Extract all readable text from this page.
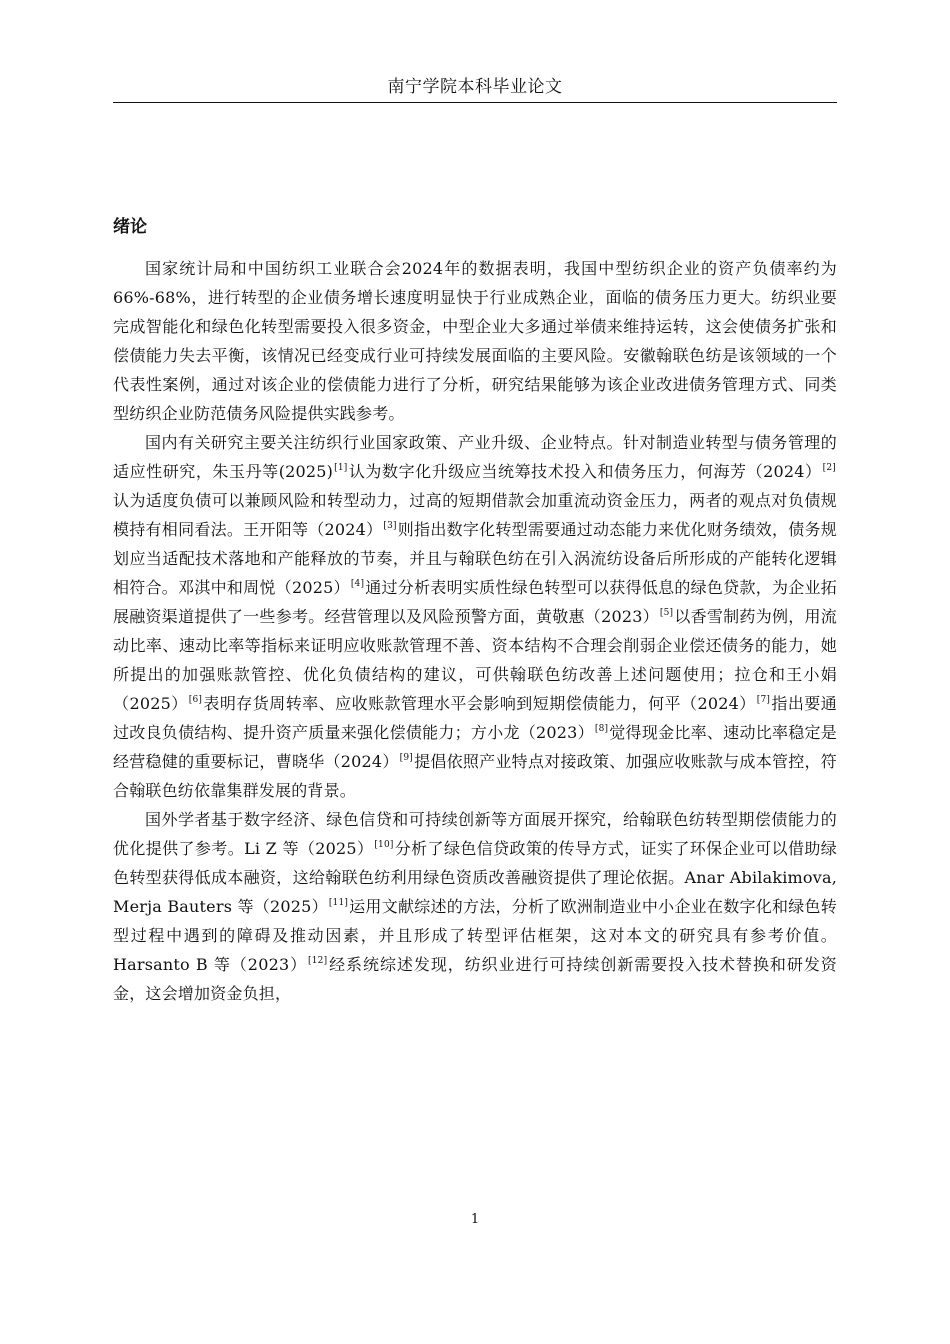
南宁学院本科毕业论文
绪论

国家统计局和中国纺织工业联合会2024年的数据表明，我国中型纺织企业的资产负债率约为66%-68%，进行转型的企业债务增长速度明显快于行业成熟企业，面临的债务压力更大。纺织业要完成智能化和绿色化转型需要投入很多资金，中型企业大多通过举债来维持运转，这会使债务扩张和偿债能力失去平衡，该情况已经变成行业可持续发展面临的主要风险。安徽翰联色纺是该领域的一个代表性案例，通过对该企业的偿债能力进行了分析，研究结果能够为该企业改进债务管理方式、同类型纺织企业防范债务风险提供实践参考。

国内有关研究主要关注纺织行业国家政策、产业升级、企业特点。针对制造业转型与债务管理的适应性研究，朱玉丹等(2025)[1]认为数字化升级应当统筹技术投入和债务压力，何海芳（2024）[2]认为适度负债可以兼顾风险和转型动力，过高的短期借款会加重流动资金压力，两者的观点对负债规模持有相同看法。王开阳等（2024）[3]则指出数字化转型需要通过动态能力来优化财务绩效，债务规划应当适配技术落地和产能释放的节奏，并且与翰联色纺在引入涡流纺设备后所形成的产能转化逻辑相符合。邓淇中和周悦（2025）[4]通过分析表明实质性绿色转型可以获得低息的绿色贷款，为企业拓展融资渠道提供了一些参考。经营管理以及风险预警方面，黄敬惠（2023）[5]以香雪制药为例，用流动比率、速动比率等指标来证明应收账款管理不善、资本结构不合理会削弱企业偿还债务的能力，她所提出的加强账款管控、优化负债结构的建议，可供翰联色纺改善上述问题使用；拉仓和王小娟（2025）[6]表明存货周转率、应收账款管理水平会影响到短期偿债能力，何平（2024）[7]指出要通过改良负债结构、提升资产质量来强化偿债能力；方小龙（2023）[8]觉得现金比率、速动比率稳定是经营稳健的重要标记，曹晓华（2024）[9]提倡依照产业特点对接政策、加强应收账款与成本管控，符合翰联色纺依靠集群发展的背景。

国外学者基于数字经济、绿色信贷和可持续创新等方面展开探究，给翰联色纺转型期偿债能力的优化提供了参考。Li Z 等（2025）[10]分析了绿色信贷政策的传导方式，证实了环保企业可以借助绿色转型获得低成本融资，这给翰联色纺利用绿色资质改善融资提供了理论依据。Anar Abilakimova, Merja Bauters 等（2025）[11]运用文献综述的方法，分析了欧洲制造业中小企业在数字化和绿色转型过程中遇到的障碍及推动因素，并且形成了转型评估框架，这对本文的研究具有参考价值。Harsanto B 等（2023）[12]经系统综述发现，纺织业进行可持续创新需要投入技术替换和研发资金，这会增加资金负担，

1
